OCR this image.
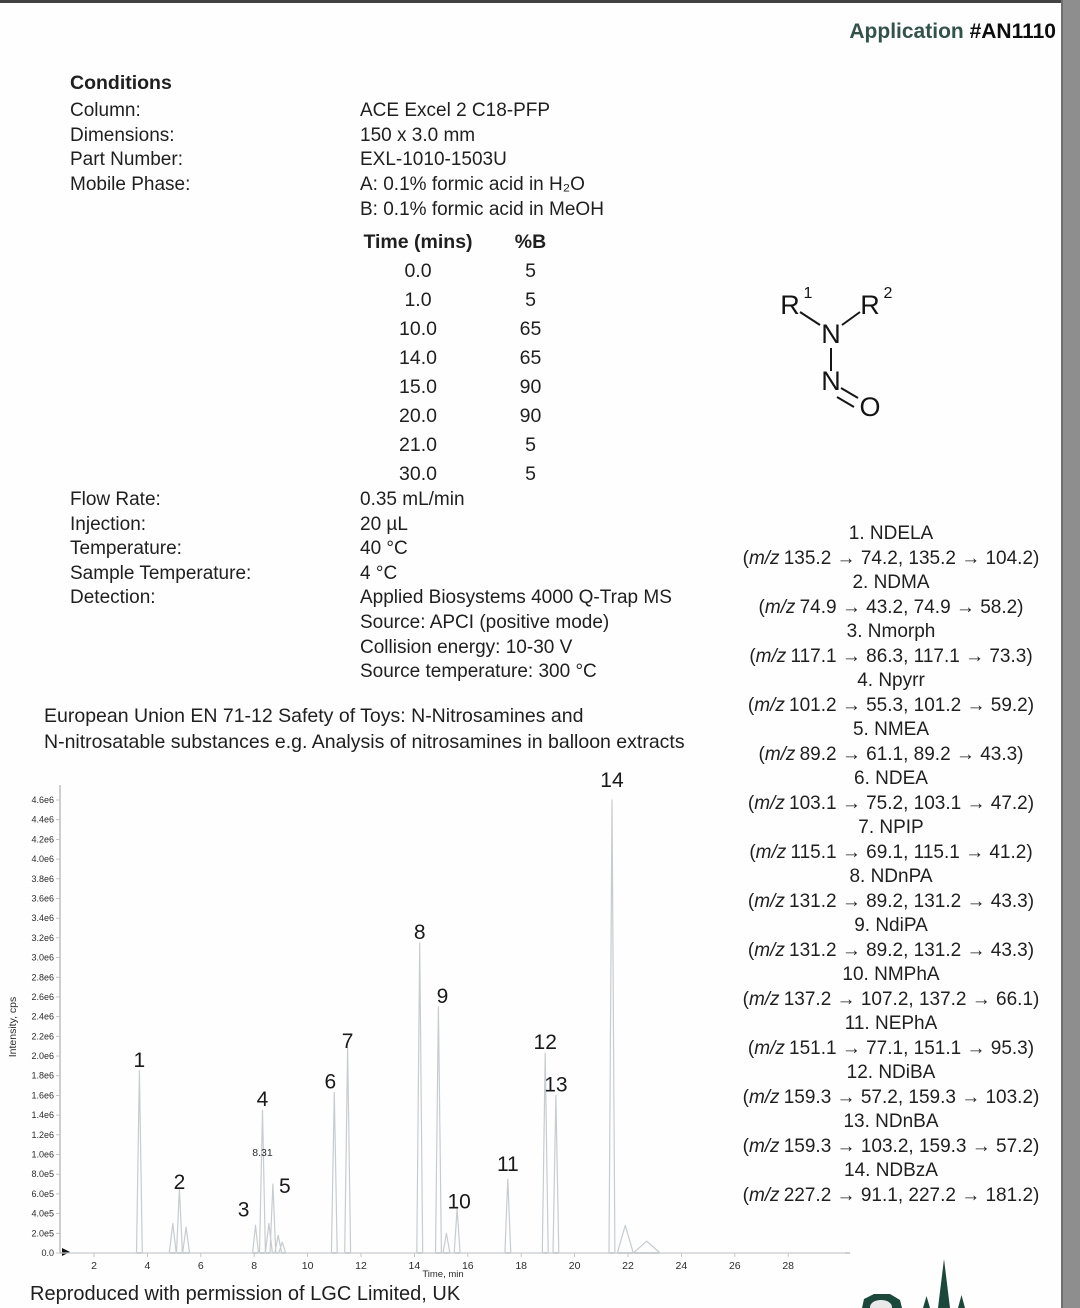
Application #AN1110
Conditions
Column:	ACE Excel 2 C18-PFP
Dimensions:	150 x 3.0 mm
Part Number:	EXL-1010-1503U
Mobile Phase:	A: 0.1% formic acid in H₂O
B: 0.1% formic acid in MeOH
Time (mins)	%B
0.0	5
1.0	5
10.0	65
14.0	65
15.0	90
20.0	90
21.0	5
30.0	5
Flow Rate:	0.35 mL/min
Injection:	20 µL
Temperature:	40 °C
Sample Temperature:	4 °C
Detection:	Applied Biosystems 4000 Q-Trap MS
Source: APCI (positive mode)
Collision energy: 10-30 V
Source temperature: 300 °C
R 1 R 2
N
N
O
European Union EN 71-12 Safety of Toys: N-Nitrosamines and
N-nitrosatable substances e.g. Analysis of nitrosamines in balloon extracts
1. NDELA
(m/z 135.2 → 74.2, 135.2 → 104.2)
2. NDMA
(m/z 74.9 → 43.2, 74.9 → 58.2)
3. Nmorph
(m/z 117.1 → 86.3, 117.1 → 73.3)
4. Npyrr
(m/z 101.2 → 55.3, 101.2 → 59.2)
5. NMEA
(m/z 89.2 → 61.1, 89.2 → 43.3)
6. NDEA
(m/z 103.1 → 75.2, 103.1 → 47.2)
7. NPIP
(m/z 115.1 → 69.1, 115.1 → 41.2)
8. NDnPA
(m/z 131.2 → 89.2, 131.2 → 43.3)
9. NdiPA
(m/z 131.2 → 89.2, 131.2 → 43.3)
10. NMPhA
(m/z 137.2 → 107.2, 137.2 → 66.1)
11. NEPhA
(m/z 151.1 → 77.1, 151.1 → 95.3)
12. NDiBA
(m/z 159.3 → 57.2, 159.3 → 103.2)
13. NDnBA
(m/z 159.3 → 103.2, 159.3 → 57.2)
14. NDBzA
(m/z 227.2 → 91.1, 227.2 → 181.2)
0.0
2.0e5
4.0e5
6.0e5
8.0e5
1.0e6
1.2e6
1.4e6
1.6e6
1.8e6
2.0e6
2.2e6
2.4e6
2.6e6
2.8e6
3.0e6
3.2e6
3.4e6
3.6e6
3.8e6
4.0e6
4.2e6
4.4e6
4.6e6
2	4	6	8	10	12	14	16	18	20	22	24	26	28
Time, min
Intensity, cps
1
2
3
4
8.31
5
6
7
8
9
10
11
12
13
14
Reproduced with permission of LGC Limited, UK
